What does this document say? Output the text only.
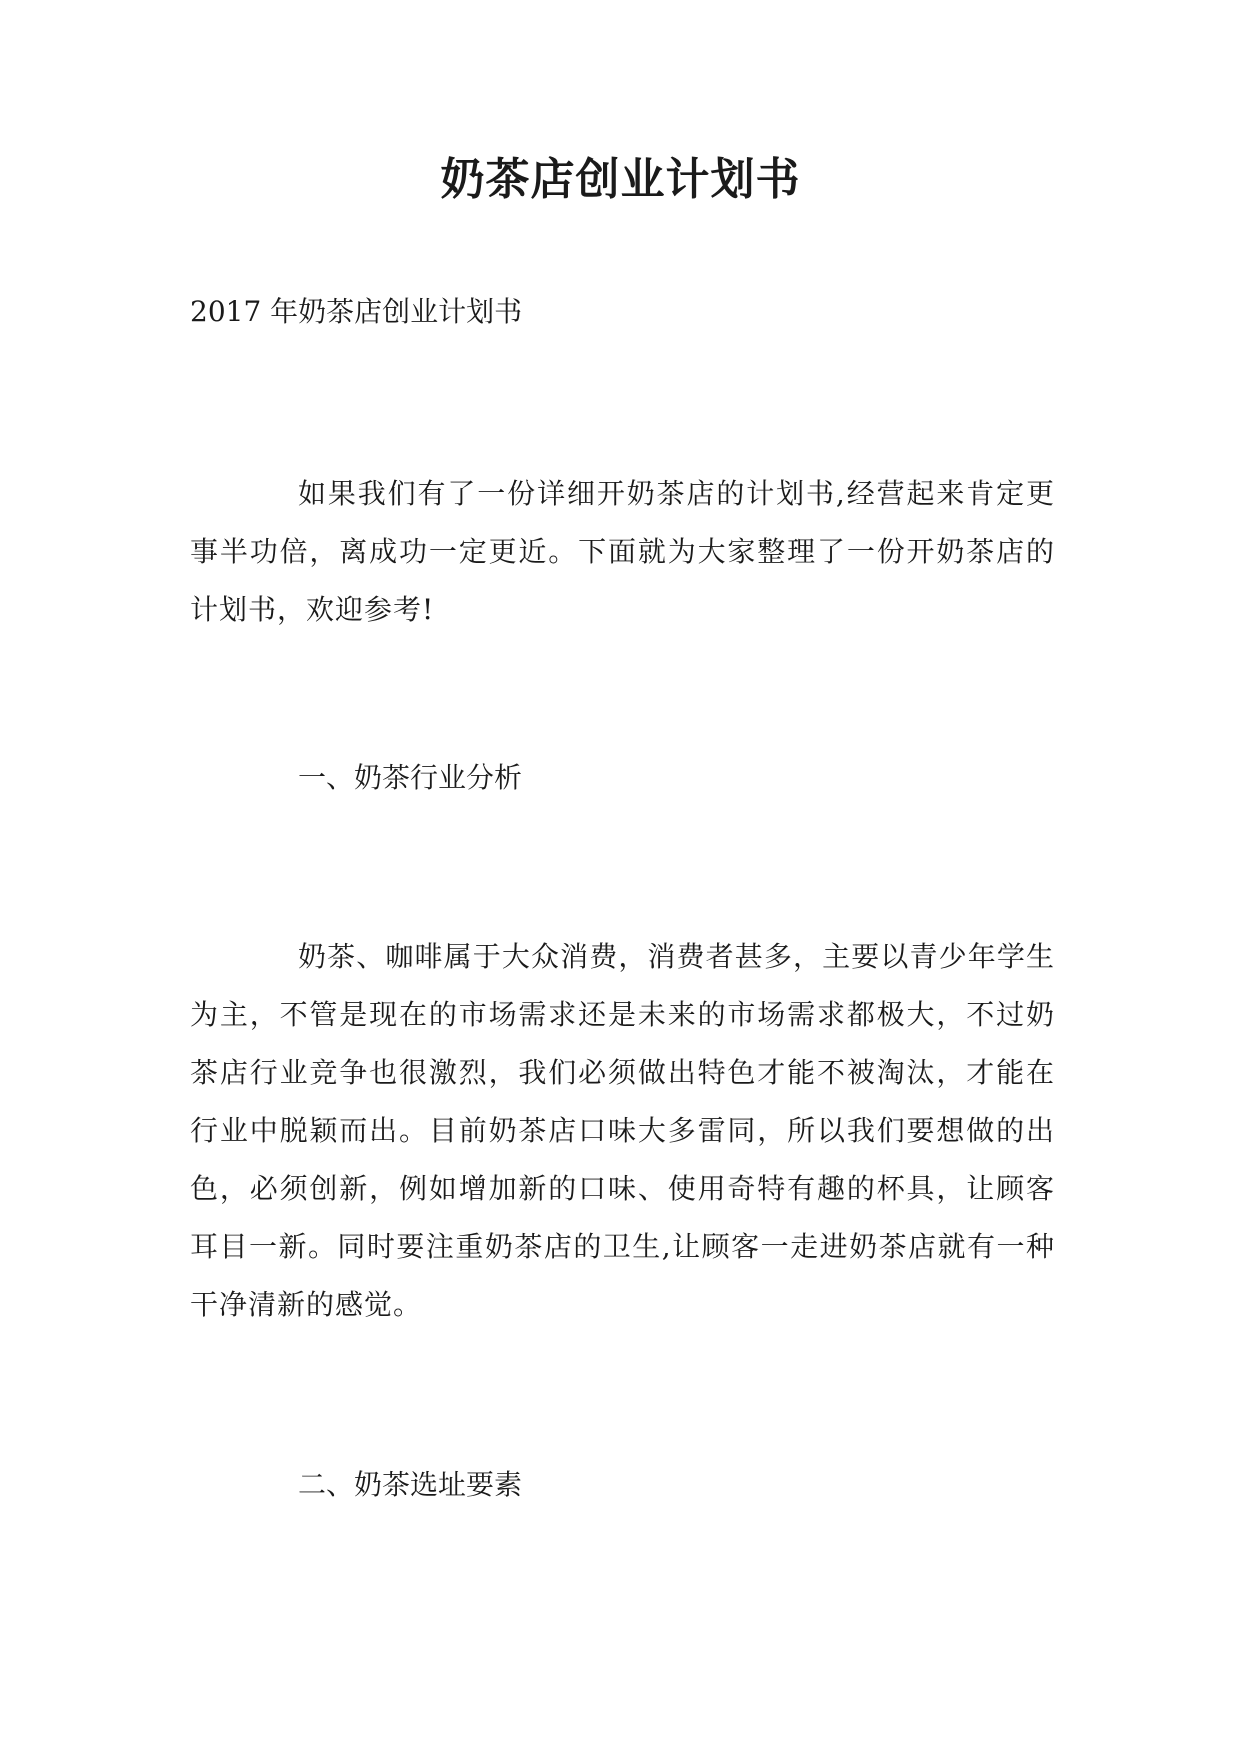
奶茶店创业计划书

2017 年奶茶店创业计划书

如果我们有了一份详细开奶茶店的计划书,经营起来肯定更事半功倍，离成功一定更近。下面就为大家整理了一份开奶茶店的计划书，欢迎参考!

一、奶茶行业分析

奶茶、咖啡属于大众消费，消费者甚多，主要以青少年学生为主，不管是现在的市场需求还是未来的市场需求都极大，不过奶茶店行业竞争也很激烈，我们必须做出特色才能不被淘汰，才能在行业中脱颖而出。目前奶茶店口味大多雷同，所以我们要想做的出色，必须创新，例如增加新的口味、使用奇特有趣的杯具，让顾客耳目一新。同时要注重奶茶店的卫生,让顾客一走进奶茶店就有一种干净清新的感觉。

二、奶茶选址要素
